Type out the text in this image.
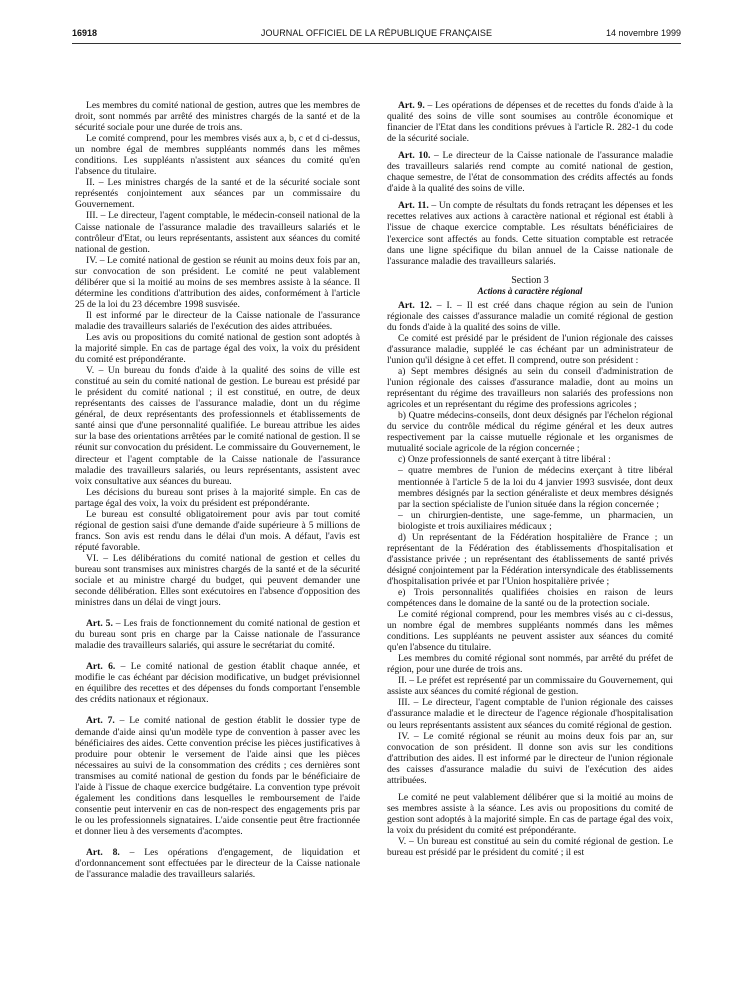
16918	JOURNAL OFFICIEL DE LA RÉPUBLIQUE FRANÇAISE	14 novembre 1999

Les membres du comité national de gestion, autres que les membres de droit, sont nommés par arrêté des ministres chargés de la santé et de la sécurité sociale pour une durée de trois ans.

Le comité comprend, pour les membres visés aux a, b, c et d ci-dessus, un nombre égal de membres suppléants nommés dans les mêmes conditions. Les suppléants n'assistent aux séances du comité qu'en l'absence du titulaire.

II. – Les ministres chargés de la santé et de la sécurité sociale sont représentés conjointement aux séances par un commissaire du Gouvernement.

III. – Le directeur, l'agent comptable, le médecin-conseil national de la Caisse nationale de l'assurance maladie des travailleurs salariés et le contrôleur d'Etat, ou leurs représentants, assistent aux séances du comité national de gestion.

IV. – Le comité national de gestion se réunit au moins deux fois par an, sur convocation de son président. Le comité ne peut valablement délibérer que si la moitié au moins de ses membres assiste à la séance. Il détermine les conditions d'attribution des aides, conformément à l'article 25 de la loi du 23 décembre 1998 susvisée.

Il est informé par le directeur de la Caisse nationale de l'assurance maladie des travailleurs salariés de l'exécution des aides attribuées.

Les avis ou propositions du comité national de gestion sont adoptés à la majorité simple. En cas de partage égal des voix, la voix du président du comité est prépondérante.

V. – Un bureau du fonds d'aide à la qualité des soins de ville est constitué au sein du comité national de gestion. Le bureau est présidé par le président du comité national ; il est constitué, en outre, de deux représentants des caisses de l'assurance maladie, dont un du régime général, de deux représentants des professionnels et établissements de santé ainsi que d'une personnalité qualifiée. Le bureau attribue les aides sur la base des orientations arrêtées par le comité national de gestion. Il se réunit sur convocation du président. Le commissaire du Gouvernement, le directeur et l'agent comptable de la Caisse nationale de l'assurance maladie des travailleurs salariés, ou leurs représentants, assistent avec voix consultative aux séances du bureau.

Les décisions du bureau sont prises à la majorité simple. En cas de partage égal des voix, la voix du président est prépondérante.

Le bureau est consulté obligatoirement pour avis par tout comité régional de gestion saisi d'une demande d'aide supérieure à 5 millions de francs. Son avis est rendu dans le délai d'un mois. A défaut, l'avis est réputé favorable.

VI. – Les délibérations du comité national de gestion et celles du bureau sont transmises aux ministres chargés de la santé et de la sécurité sociale et au ministre chargé du budget, qui peuvent demander une seconde délibération. Elles sont exécutoires en l'absence d'opposition des ministres dans un délai de vingt jours.

Art. 5. – Les frais de fonctionnement du comité national de gestion et du bureau sont pris en charge par la Caisse nationale de l'assurance maladie des travailleurs salariés, qui assure le secrétariat du comité.

Art. 6. – Le comité national de gestion établit chaque année, et modifie le cas échéant par décision modificative, un budget prévisionnel en équilibre des recettes et des dépenses du fonds comportant l'ensemble des crédits nationaux et régionaux.

Art. 7. – Le comité national de gestion établit le dossier type de demande d'aide ainsi qu'un modèle type de convention à passer avec les bénéficiaires des aides. Cette convention précise les pièces justificatives à produire pour obtenir le versement de l'aide ainsi que les pièces nécessaires au suivi de la consommation des crédits ; ces dernières sont transmises au comité national de gestion du fonds par le bénéficiaire de l'aide à l'issue de chaque exercice budgétaire. La convention type prévoit également les conditions dans lesquelles le remboursement de l'aide consentie peut intervenir en cas de non-respect des engagements pris par le ou les professionnels signataires. L'aide consentie peut être fractionnée et donner lieu à des versements d'acomptes.

Art. 8. – Les opérations d'engagement, de liquidation et d'ordonnancement sont effectuées par le directeur de la Caisse nationale de l'assurance maladie des travailleurs salariés.

Art. 9. – Les opérations de dépenses et de recettes du fonds d'aide à la qualité des soins de ville sont soumises au contrôle économique et financier de l'Etat dans les conditions prévues à l'article R. 282-1 du code de la sécurité sociale.

Art. 10. – Le directeur de la Caisse nationale de l'assurance maladie des travailleurs salariés rend compte au comité national de gestion, chaque semestre, de l'état de consommation des crédits affectés au fonds d'aide à la qualité des soins de ville.

Art. 11. – Un compte de résultats du fonds retraçant les dépenses et les recettes relatives aux actions à caractère national et régional est établi à l'issue de chaque exercice comptable. Les résultats bénéficiaires de l'exercice sont affectés au fonds. Cette situation comptable est retracée dans une ligne spécifique du bilan annuel de la Caisse nationale de l'assurance maladie des travailleurs salariés.

Section 3
Actions à caractère régional

Art. 12. – I. – Il est créé dans chaque région au sein de l'union régionale des caisses d'assurance maladie un comité régional de gestion du fonds d'aide à la qualité des soins de ville.

Ce comité est présidé par le président de l'union régionale des caisses d'assurance maladie, suppléé le cas échéant par un administrateur de l'union qu'il désigne à cet effet. Il comprend, outre son président :

a) Sept membres désignés au sein du conseil d'administration de l'union régionale des caisses d'assurance maladie, dont au moins un représentant du régime des travailleurs non salariés des professions non agricoles et un représentant du régime des professions agricoles ;

b) Quatre médecins-conseils, dont deux désignés par l'échelon régional du service du contrôle médical du régime général et les deux autres respectivement par la caisse mutuelle régionale et les organismes de mutualité sociale agricole de la région concernée ;

c) Onze professionnels de santé exerçant à titre libéral :

– quatre membres de l'union de médecins exerçant à titre libéral mentionnée à l'article 5 de la loi du 4 janvier 1993 susvisée, dont deux membres désignés par la section généraliste et deux membres désignés par la section spécialiste de l'union située dans la région concernée ;

– un chirurgien-dentiste, une sage-femme, un pharmacien, un biologiste et trois auxiliaires médicaux ;

d) Un représentant de la Fédération hospitalière de France ; un représentant de la Fédération des établissements d'hospitalisation et d'assistance privée ; un représentant des établissements de santé privés désigné conjointement par la Fédération intersyndicale des établissements d'hospitalisation privée et par l'Union hospitalière privée ;

e) Trois personnalités qualifiées choisies en raison de leurs compétences dans le domaine de la santé ou de la protection sociale.

Le comité régional comprend, pour les membres visés au c ci-dessus, un nombre égal de membres suppléants nommés dans les mêmes conditions. Les suppléants ne peuvent assister aux séances du comité qu'en l'absence du titulaire.

Les membres du comité régional sont nommés, par arrêté du préfet de région, pour une durée de trois ans.

II. – Le préfet est représenté par un commissaire du Gouvernement, qui assiste aux séances du comité régional de gestion.

III. – Le directeur, l'agent comptable de l'union régionale des caisses d'assurance maladie et le directeur de l'agence régionale d'hospitalisation ou leurs représentants assistent aux séances du comité régional de gestion.

IV. – Le comité régional se réunit au moins deux fois par an, sur convocation de son président. Il donne son avis sur les conditions d'attribution des aides. Il est informé par le directeur de l'union régionale des caisses d'assurance maladie du suivi de l'exécution des aides attribuées.

Le comité ne peut valablement délibérer que si la moitié au moins de ses membres assiste à la séance. Les avis ou propositions du comité de gestion sont adoptés à la majorité simple. En cas de partage égal des voix, la voix du président du comité est prépondérante.

V. – Un bureau est constitué au sein du comité régional de gestion. Le bureau est présidé par le président du comité ; il est
